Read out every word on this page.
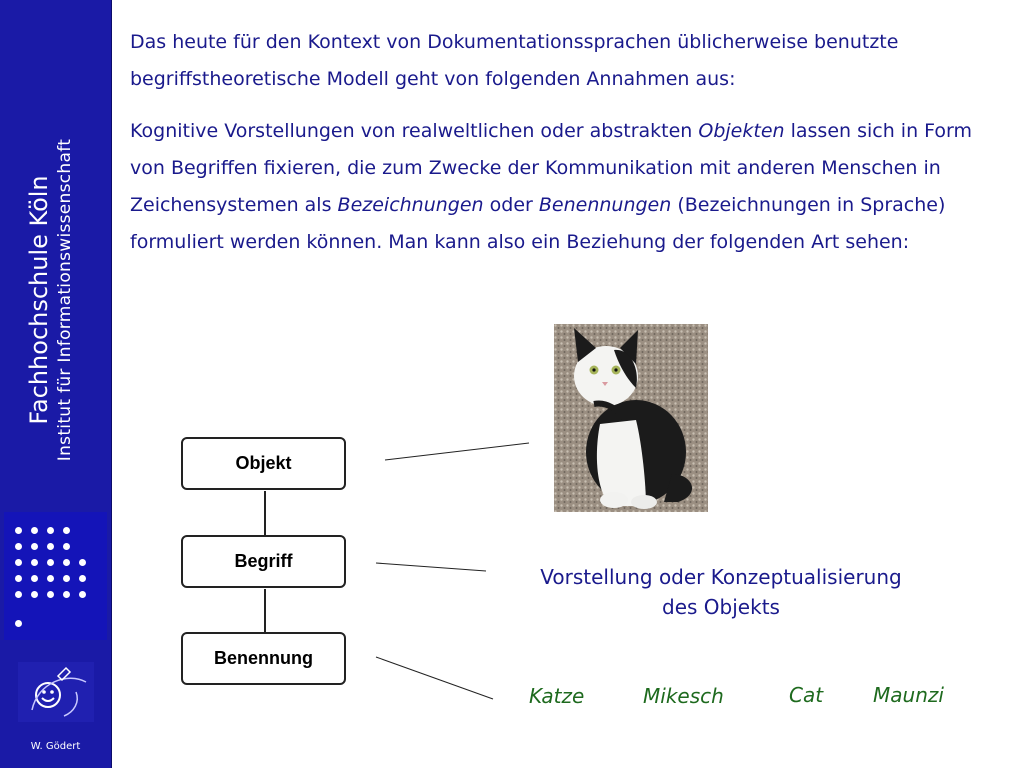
Fachhochschule Köln Institut für Informationswissenschaft
W. Gödert
Das heute für den Kontext von Dokumentationssprachen üblicherweise benutzte begriffstheoretische Modell geht von folgenden Annahmen aus:
Kognitive Vorstellungen von realweltlichen oder abstrakten Objekten lassen sich in Form von Begriffen fixieren, die zum Zwecke der Kommunikation mit anderen Menschen in Zeichensystemen als Bezeichnungen oder Benennungen (Bezeichnungen in Sprache) formuliert werden können. Man kann also ein Beziehung der folgenden Art sehen:
Objekt
Begriff
Benennung
Vorstellung oder Konzeptualisierung
des Objekts
Katze	Mikesch	Cat Maunzi
